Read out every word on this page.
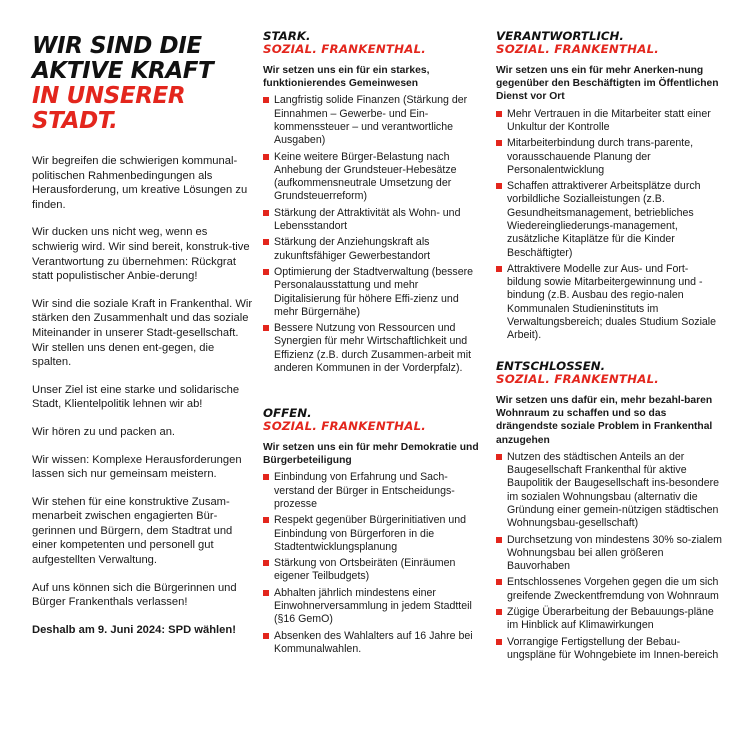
WIR SIND DIE
AKTIVE KRAFT
IN UNSERER
STADT.

Wir begreifen die schwierigen kommunal-politischen Rahmenbedingungen als Herausforderung, um kreative Lösungen zu finden.

Wir ducken uns nicht weg, wenn es schwierig wird. Wir sind bereit, konstruk-tive Verantwortung zu übernehmen: Rückgrat statt populistischer Anbie-derung!

Wir sind die soziale Kraft in Frankenthal. Wir stärken den Zusammenhalt und das soziale Miteinander in unserer Stadt-gesellschaft. Wir stellen uns denen ent-gegen, die spalten.

Unser Ziel ist eine starke und solidarische Stadt, Klientelpolitik lehnen wir ab!

Wir hören zu und packen an.

Wir wissen: Komplexe Herausforderungen lassen sich nur gemeinsam meistern.

Wir stehen für eine konstruktive Zusam-menarbeit zwischen engagierten Bür-gerinnen und Bürgern, dem Stadtrat und einer kompetenten und personell gut aufgestellten Verwaltung.

Auf uns können sich die Bürgerinnen und Bürger Frankenthals verlassen!

Deshalb am 9. Juni 2024: SPD wählen!

STARK.
SOZIAL. FRANKENTHAL.

Wir setzen uns ein für ein starkes, funktionierendes Gemeinwesen

Langfristig solide Finanzen (Stärkung der Einnahmen – Gewerbe- und Ein-kommenssteuer – und verantwortliche Ausgaben)
Keine weitere Bürger-Belastung nach Anhebung der Grundsteuer-Hebesätze (aufkommensneutrale Umsetzung der Grundsteuerreform)
Stärkung der Attraktivität als Wohn- und Lebensstandort
Stärkung der Anziehungskraft als zukunftsfähiger Gewerbestandort
Optimierung der Stadtverwaltung (bessere Personalausstattung und mehr Digitalisierung für höhere Effi-zienz und mehr Bürgernähe)
Bessere Nutzung von Ressourcen und Synergien für mehr Wirtschaftlichkeit und Effizienz (z.B. durch Zusammen-arbeit mit anderen Kommunen in der Vorderpfalz).
OFFEN.
SOZIAL. FRANKENTHAL.

Wir setzen uns ein für mehr Demokratie und Bürgerbeteiligung

Einbindung von Erfahrung und Sach-verstand der Bürger in Entscheidungs-prozesse
Respekt gegenüber Bürgerinitiativen und Einbindung von Bürgerforen in die Stadtentwicklungsplanung
Stärkung von Ortsbeiräten (Einräumen eigener Teilbudgets)
Abhalten jährlich mindestens einer Einwohnerversammlung in jedem Stadtteil (§16 GemO)
Absenken des Wahlalters auf 16 Jahre bei Kommunalwahlen.
VERANTWORTLICH.
SOZIAL. FRANKENTHAL.

Wir setzen uns ein für mehr Anerken-nung gegenüber den Beschäftigten im Öffentlichen Dienst vor Ort

Mehr Vertrauen in die Mitarbeiter statt einer Unkultur der Kontrolle
Mitarbeiterbindung durch trans-parente, vorausschauende Planung der Personalentwicklung
Schaffen attraktiverer Arbeitsplätze durch vorbildliche Sozialleistungen (z.B. Gesundheitsmanagement, betriebliches Wiedereingliederungs-management, zusätzliche Kitaplätze für die Kinder Beschäftigter)
Attraktivere Modelle zur Aus- und Fort-bildung sowie Mitarbeitergewinnung und -bindung (z.B. Ausbau des regio-nalen Kommunalen Studieninstituts im Verwaltungsbereich; duales Studium Soziale Arbeit).
ENTSCHLOSSEN.
SOZIAL. FRANKENTHAL.

Wir setzen uns dafür ein, mehr bezahl-baren Wohnraum zu schaffen und so das drängendste soziale Problem in Frankenthal anzugehen

Nutzen des städtischen Anteils an der Baugesellschaft Frankenthal für aktive Baupolitik der Baugesellschaft ins-besondere im sozialen Wohnungsbau (alternativ die Gründung einer gemein-nützigen städtischen Wohnungsbau-gesellschaft)
Durchsetzung von mindestens 30% so-zialem Wohnungsbau bei allen größeren Bauvorhaben
Entschlossenes Vorgehen gegen die um sich greifende Zweckentfremdung von Wohnraum
Zügige Überarbeitung der Bebauungs-pläne im Hinblick auf Klimawirkungen
Vorrangige Fertigstellung der Bebau-ungspläne für Wohngebiete im Innen-bereich
